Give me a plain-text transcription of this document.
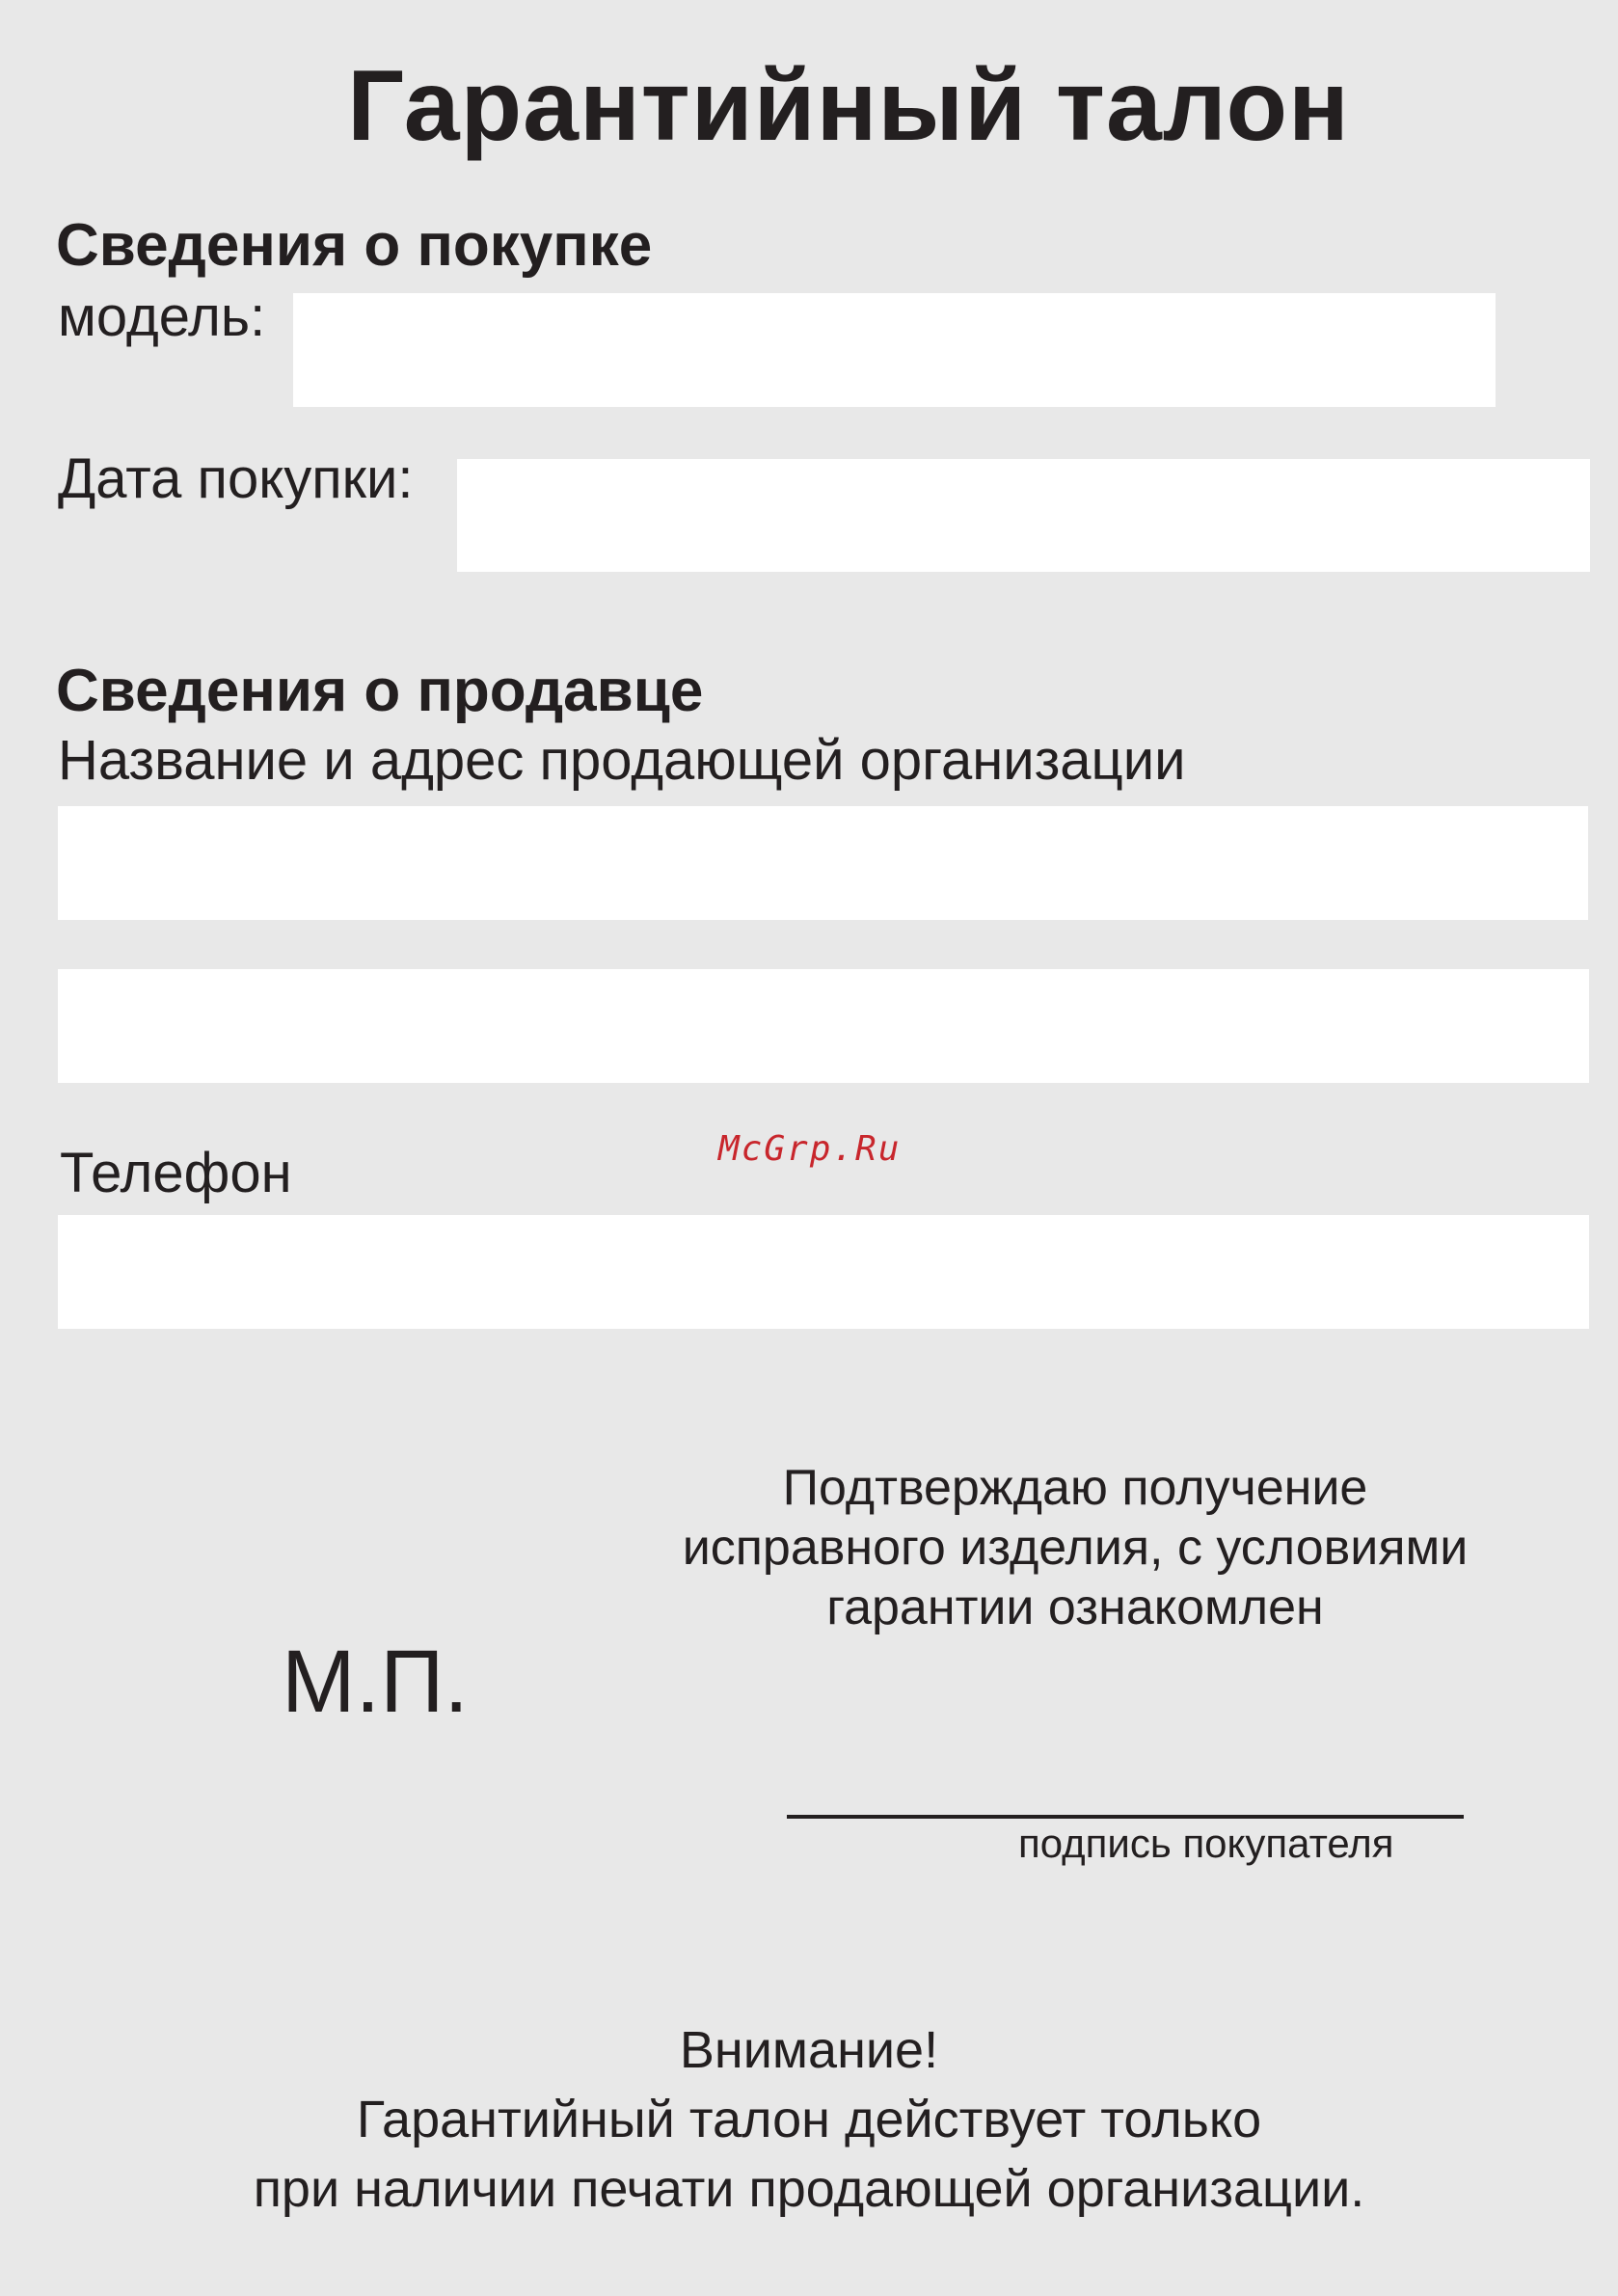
Гарантийный талон
Сведения о покупке
модель:
Дата покупки:
Сведения о продавце
Название и адрес продающей организации
Телефон	McGrp.Ru
Подтверждаю получение
исправного изделия, с условиями
гарантии ознакомлен
М.П.
подпись покупателя
Внимание!
Гарантийный талон действует только
при наличии печати продающей организации.
